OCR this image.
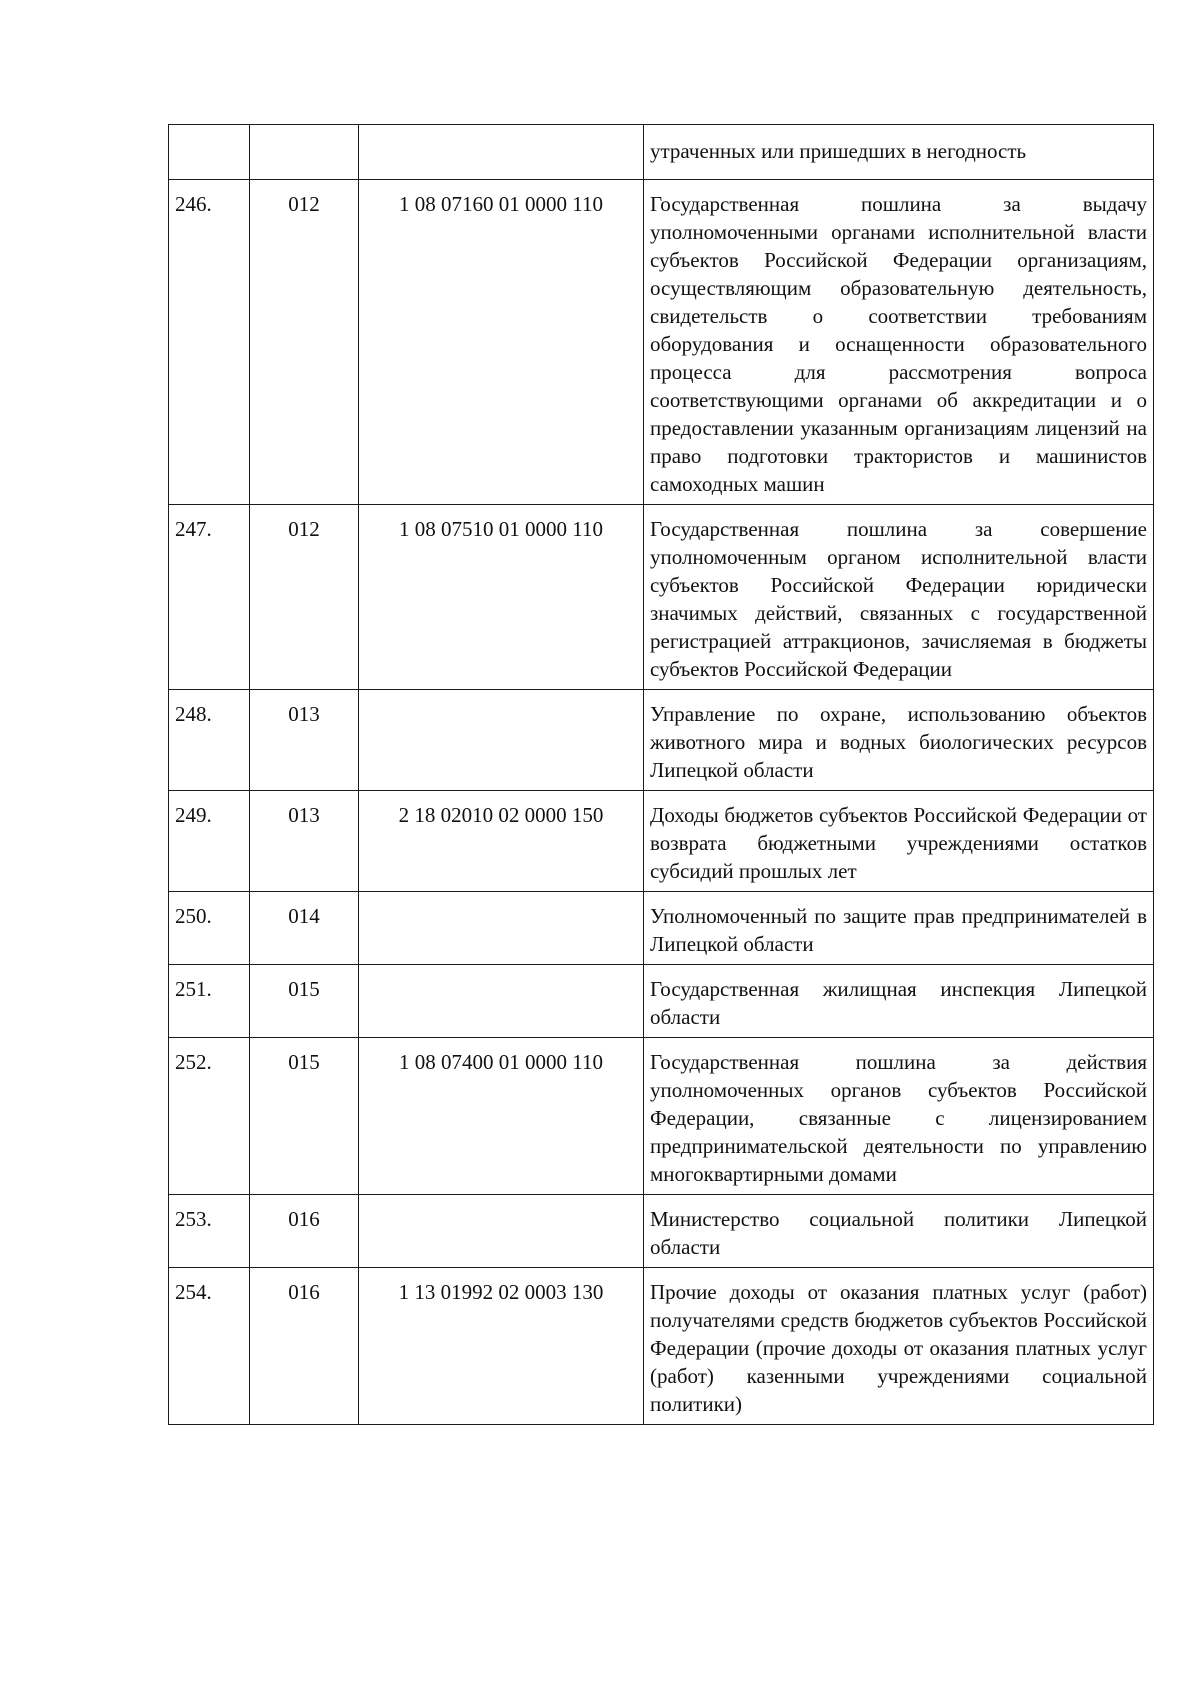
			утраченных или пришедших в негодность
246.	012	1 08 07160 01 0000 110	Государственная пошлина за выдачу уполномоченными органами исполнительной власти субъектов Российской Федерации организациям, осуществляющим образовательную деятельность, свидетельств о соответствии требованиям оборудования и оснащенности образовательного процесса для рассмотрения вопроса соответствующими органами об аккредитации и о предоставлении указанным организациям лицензий на право подготовки трактористов и машинистов самоходных машин
247.	012	1 08 07510 01 0000 110	Государственная пошлина за совершение уполномоченным органом исполнительной власти субъектов Российской Федерации юридически значимых действий, связанных с государственной регистрацией аттракционов, зачисляемая в бюджеты субъектов Российской Федерации
248.	013		Управление по охране, использованию объектов животного мира и водных биологических ресурсов Липецкой области
249.	013	2 18 02010 02 0000 150	Доходы бюджетов субъектов Российской Федерации от возврата бюджетными учреждениями остатков субсидий прошлых лет
250.	014		Уполномоченный по защите прав предпринимателей в Липецкой области
251.	015		Государственная жилищная инспекция Липецкой области
252.	015	1 08 07400 01 0000 110	Государственная пошлина за действия уполномоченных органов субъектов Российской Федерации, связанные с лицензированием предпринимательской деятельности по управлению многоквартирными домами
253.	016		Министерство социальной политики Липецкой области
254.	016	1 13 01992 02 0003 130	Прочие доходы от оказания платных услуг (работ) получателями средств бюджетов субъектов Российской Федерации (прочие доходы от оказания платных услуг (работ) казенными учреждениями социальной политики)
